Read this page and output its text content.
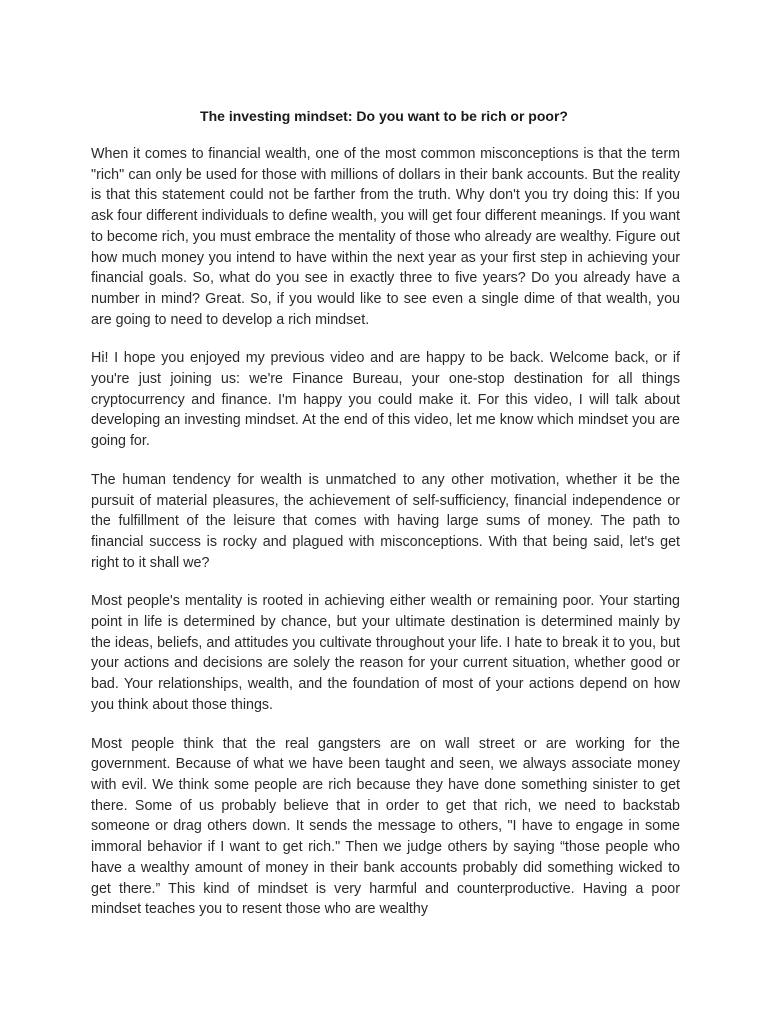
The investing mindset: Do you want to be rich or poor?

When it comes to financial wealth, one of the most common misconceptions is that the term "rich" can only be used for those with millions of dollars in their bank accounts. But the reality is that this statement could not be farther from the truth. Why don't you try doing this: If you ask four different individuals to define wealth, you will get four different meanings. If you want to become rich, you must embrace the mentality of those who already are wealthy. Figure out how much money you intend to have within the next year as your first step in achieving your financial goals. So, what do you see in exactly three to five years? Do you already have a number in mind? Great. So, if you would like to see even a single dime of that wealth, you are going to need to develop a rich mindset.

Hi! I hope you enjoyed my previous video and are happy to be back. Welcome back, or if you're just joining us: we're Finance Bureau, your one-stop destination for all things cryptocurrency and finance. I'm happy you could make it. For this video, I will talk about developing an investing mindset. At the end of this video, let me know which mindset you are going for.

The human tendency for wealth is unmatched to any other motivation, whether it be the pursuit of material pleasures, the achievement of self-sufficiency, financial independence or the fulfillment of the leisure that comes with having large sums of money. The path to financial success is rocky and plagued with misconceptions. With that being said, let's get right to it shall we?

Most people's mentality is rooted in achieving either wealth or remaining poor. Your starting point in life is determined by chance, but your ultimate destination is determined mainly by the ideas, beliefs, and attitudes you cultivate throughout your life. I hate to break it to you, but your actions and decisions are solely the reason for your current situation, whether good or bad. Your relationships, wealth, and the foundation of most of your actions depend on how you think about those things.

Most people think that the real gangsters are on wall street or are working for the government. Because of what we have been taught and seen, we always associate money with evil. We think some people are rich because they have done something sinister to get there. Some of us probably believe that in order to get that rich, we need to backstab someone or drag others down. It sends the message to others, "I have to engage in some immoral behavior if I want to get rich." Then we judge others by saying “those people who have a wealthy amount of money in their bank accounts probably did something wicked to get there.” This kind of mindset is very harmful and counterproductive. Having a poor mindset teaches you to resent those who are wealthy
